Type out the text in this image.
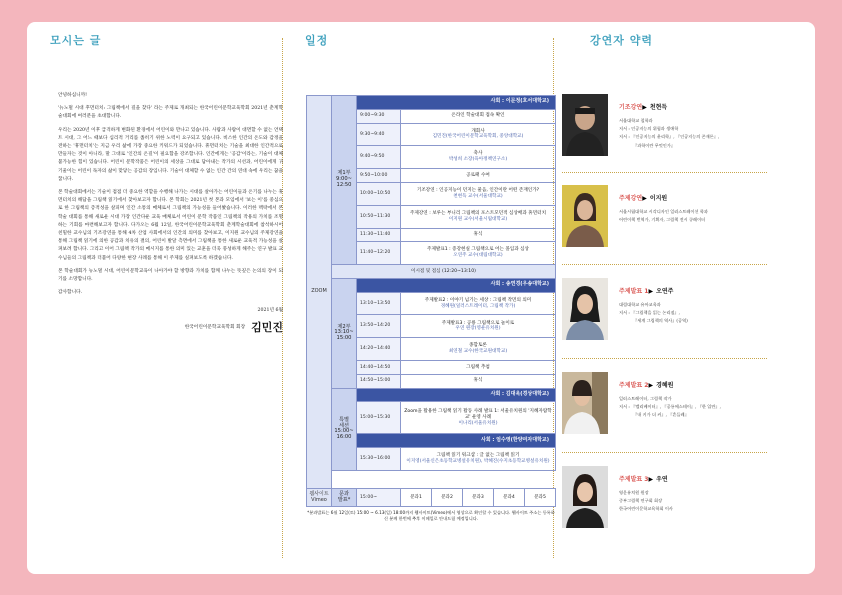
모시는 글	일정	강연자 약력

안녕하십니까!

'뉴노멀 시대 후먼터치: 그림책에서 길을 찾다' 라는 주제로 개최되는 한국어린이문학교육학회 2021년 춘계학술대회에 여러분을 초대합니다.

우리는 2020년 이후 급격하게 변화된 환경에서 어린이와 만나고 있습니다. 사람과 사람이 대면할 수 없는 언택트 시대, 그 어느 때보다 심리적 거리를 좁히기 위한 노력이 요구되고 있습니다. 비스한 인간의 온도와 감정을 전하는 '휴먼터치'는 지금 우리 삶에 가장 중요한 키워드가 되었습니다. 휴먼터치는 기술을 최대한 인간적으로 만들자는 것이 아니라, 말 그대로 '인간의 온길'이 필요함을 강조합니다. 인간에게는 '공감'이라는, 기술이 대체 불가능한 힘이 있습니다. 어린이 문학작품은 어린이의 세상을 그대로 담아내는 작가의 시선과, 어린이에게 귀 기울이는 어린이 독자의 삶이 맞닿는 공감의 장입니다. 기술이 대체할 수 없는 인간 간의 연대 속에 우리는 꿈을 꿉니다.

본 학술대회에서는 기술이 점점 더 중요한 역할을 수행해 나가는 시대를 살아가는 어린이들과 온기를 나누는 휴먼터치의 해답을 그림책 읽기에서 찾아보고자 합니다. 본 학회는 2021년 첫 본과 모임에서 '보는 이'를 중심으로 한 그림책의 층적성을 살피며 인간 소통의 매체로서 그림책의 가능성을 들어봤습니다. 이러한 맥락에서 본 학술 대회를 통해 새로운 시대 가장 인간다운 교육 매체로서 어린이 문학 작품인 그림책의 작용의 가치를 조명하는 기회를 마련해보고자 합니다. 다가오는 6월 12일, 한국어린이문학교육학회 춘계학술대회에 참석하시어 친밀한 교수님의 기조강연을 통해 4차 산업 사회에서의 인간의 의미를 찾아보고, 이지원 교수님의 주제강연을 통해 그림책 읽기에 의한 공감과 치유의 결의, 어린이 발달 측면에서 그림책을 통한 새로운 교육적 가능성을 살펴보려 합니다. 그리고 이어 그림책 작가의 메시지를 통한 의미 있는 교훈을 더욱 풍성하게 해주는 연구 발표 교수님들의 그림책과 더불어 다양한 현장 사례를 통해 이 주제를 실펴보도록 하겠습니다.

본 학술대회가 뉴노멀 시대, 어린이문학교육이 나아가야 할 방향과 가치를 함께 나누는 뜻깊은 논의의 장이 되기를 소망합니다.

감사합니다.

2021년 6월
한국어린이문학교육학회 회장 김민진
ZOOM	제1부
9:00~
12:50	사회 : 이문정(호서대학교)					
		9:00~9:30	온라인 학술대회 접속 확인				
		9:30~9:40	개회사
김민진(한국어린이문학교육학회, 중앙대학교)				

		9:40~9:50	축사
박성희 소장(육아정책연구소)				

		9:50~10:00	공로패 수여				
		10:00~10:50	기조강연 : 인공지능이 던지는 물음, 인간이란 어떤 존재인가?
천현득 교수(서울대학교)				

		10:50~11:30	주제강연 : 보루는 부니리 그림책의 포스트모던적 심상배과 휴먼터치
이지원 교수(서울시립대학교)				

		11:30~11:40	휴식				
		11:40~12:20	주제발표1 : 증강현실 그림책으로 어는 몰입과 심상
오연주 교수(대림대학교)				

	이시점 및 점심 (12:20~13:10)						
	제2부
13:10~
15:00	사회 : 송연경(우송대학교)					
		13:10~13:50	주제발표2 : 이야기 넘기는 세상 : 그림책 작먼의 의미
경혜원(일러스트레이터, 그림책 작가)				

		13:50~14:20	주제발표3 : 공룡 그림책으로 놀이로
우연 원장(영운유치원)				

		14:20~14:40	종합토론
최연철 교수(한국교원대학교)				

		14:40~14:50	그림책 추첨				
		14:50~15:00	휴식				
	특별
세션
15:00~
16:00	사회 : 김대욱(경상대학교)					
		15:00~15:30	Zoom을 활용한 그림책 읽기 활동 사례 발표 1: 서울유치원의 '지혜자람학교' 운영 사례
이나리(서울유치원)				

		사회 : 엄수영(한양여자대학교)					
		15:30~16:00	그림책 읽기 워크샵 : 글 없는 그림책 읽기
이지영(서울신은초등학교병설유치원), 박혜진(수지초등학교병설유치원)				

웹사이트
Vimeo	문과
발표*	15:00~	분과1	분과2	분과3	분과4	분과5
*분과발표는 6월 12일(토) 15:00 ~ 6.13(일) 18:00까지 웹사이트(Vimeo)에서 영상으로 확인할 수 있습니다. 웹사이트 주소는 등록하신 분께 한번에 추후 이메일로 안내드릴 예정입니다.
기조강연▶ 천현득
서울대학교 철학과
저서 : 인공지능의 위험과 생애학
저서 : 『인공지능의 윤리학』, 『인공지능의 존재론』,
『과학이란 무엇인가』
주제강연▶ 이지원
서울시립대학교 시각디자인 일러스트레이션 학과
어린이책 번역가, 기획자, 그림책 전시 큐레이터
주제발표 1▶ 오연주
대림대학교 유아교육과
저서 : 『그림책을 읽는 논리점』,
『세계 그림책의 역사』(공역)
주제발표 2▶ 경혜원
일러스트레이터, 그림책 작가
저서 : 『엘리베이터』, 『공룡에스테이』, 『한 입만』,
『내 키가 더 커』, 『흔들레』
주제발표 3▶ 우연
영운유치원 원장
중부그림책 연구회 회장
한국어린이문학교육학회 이사
